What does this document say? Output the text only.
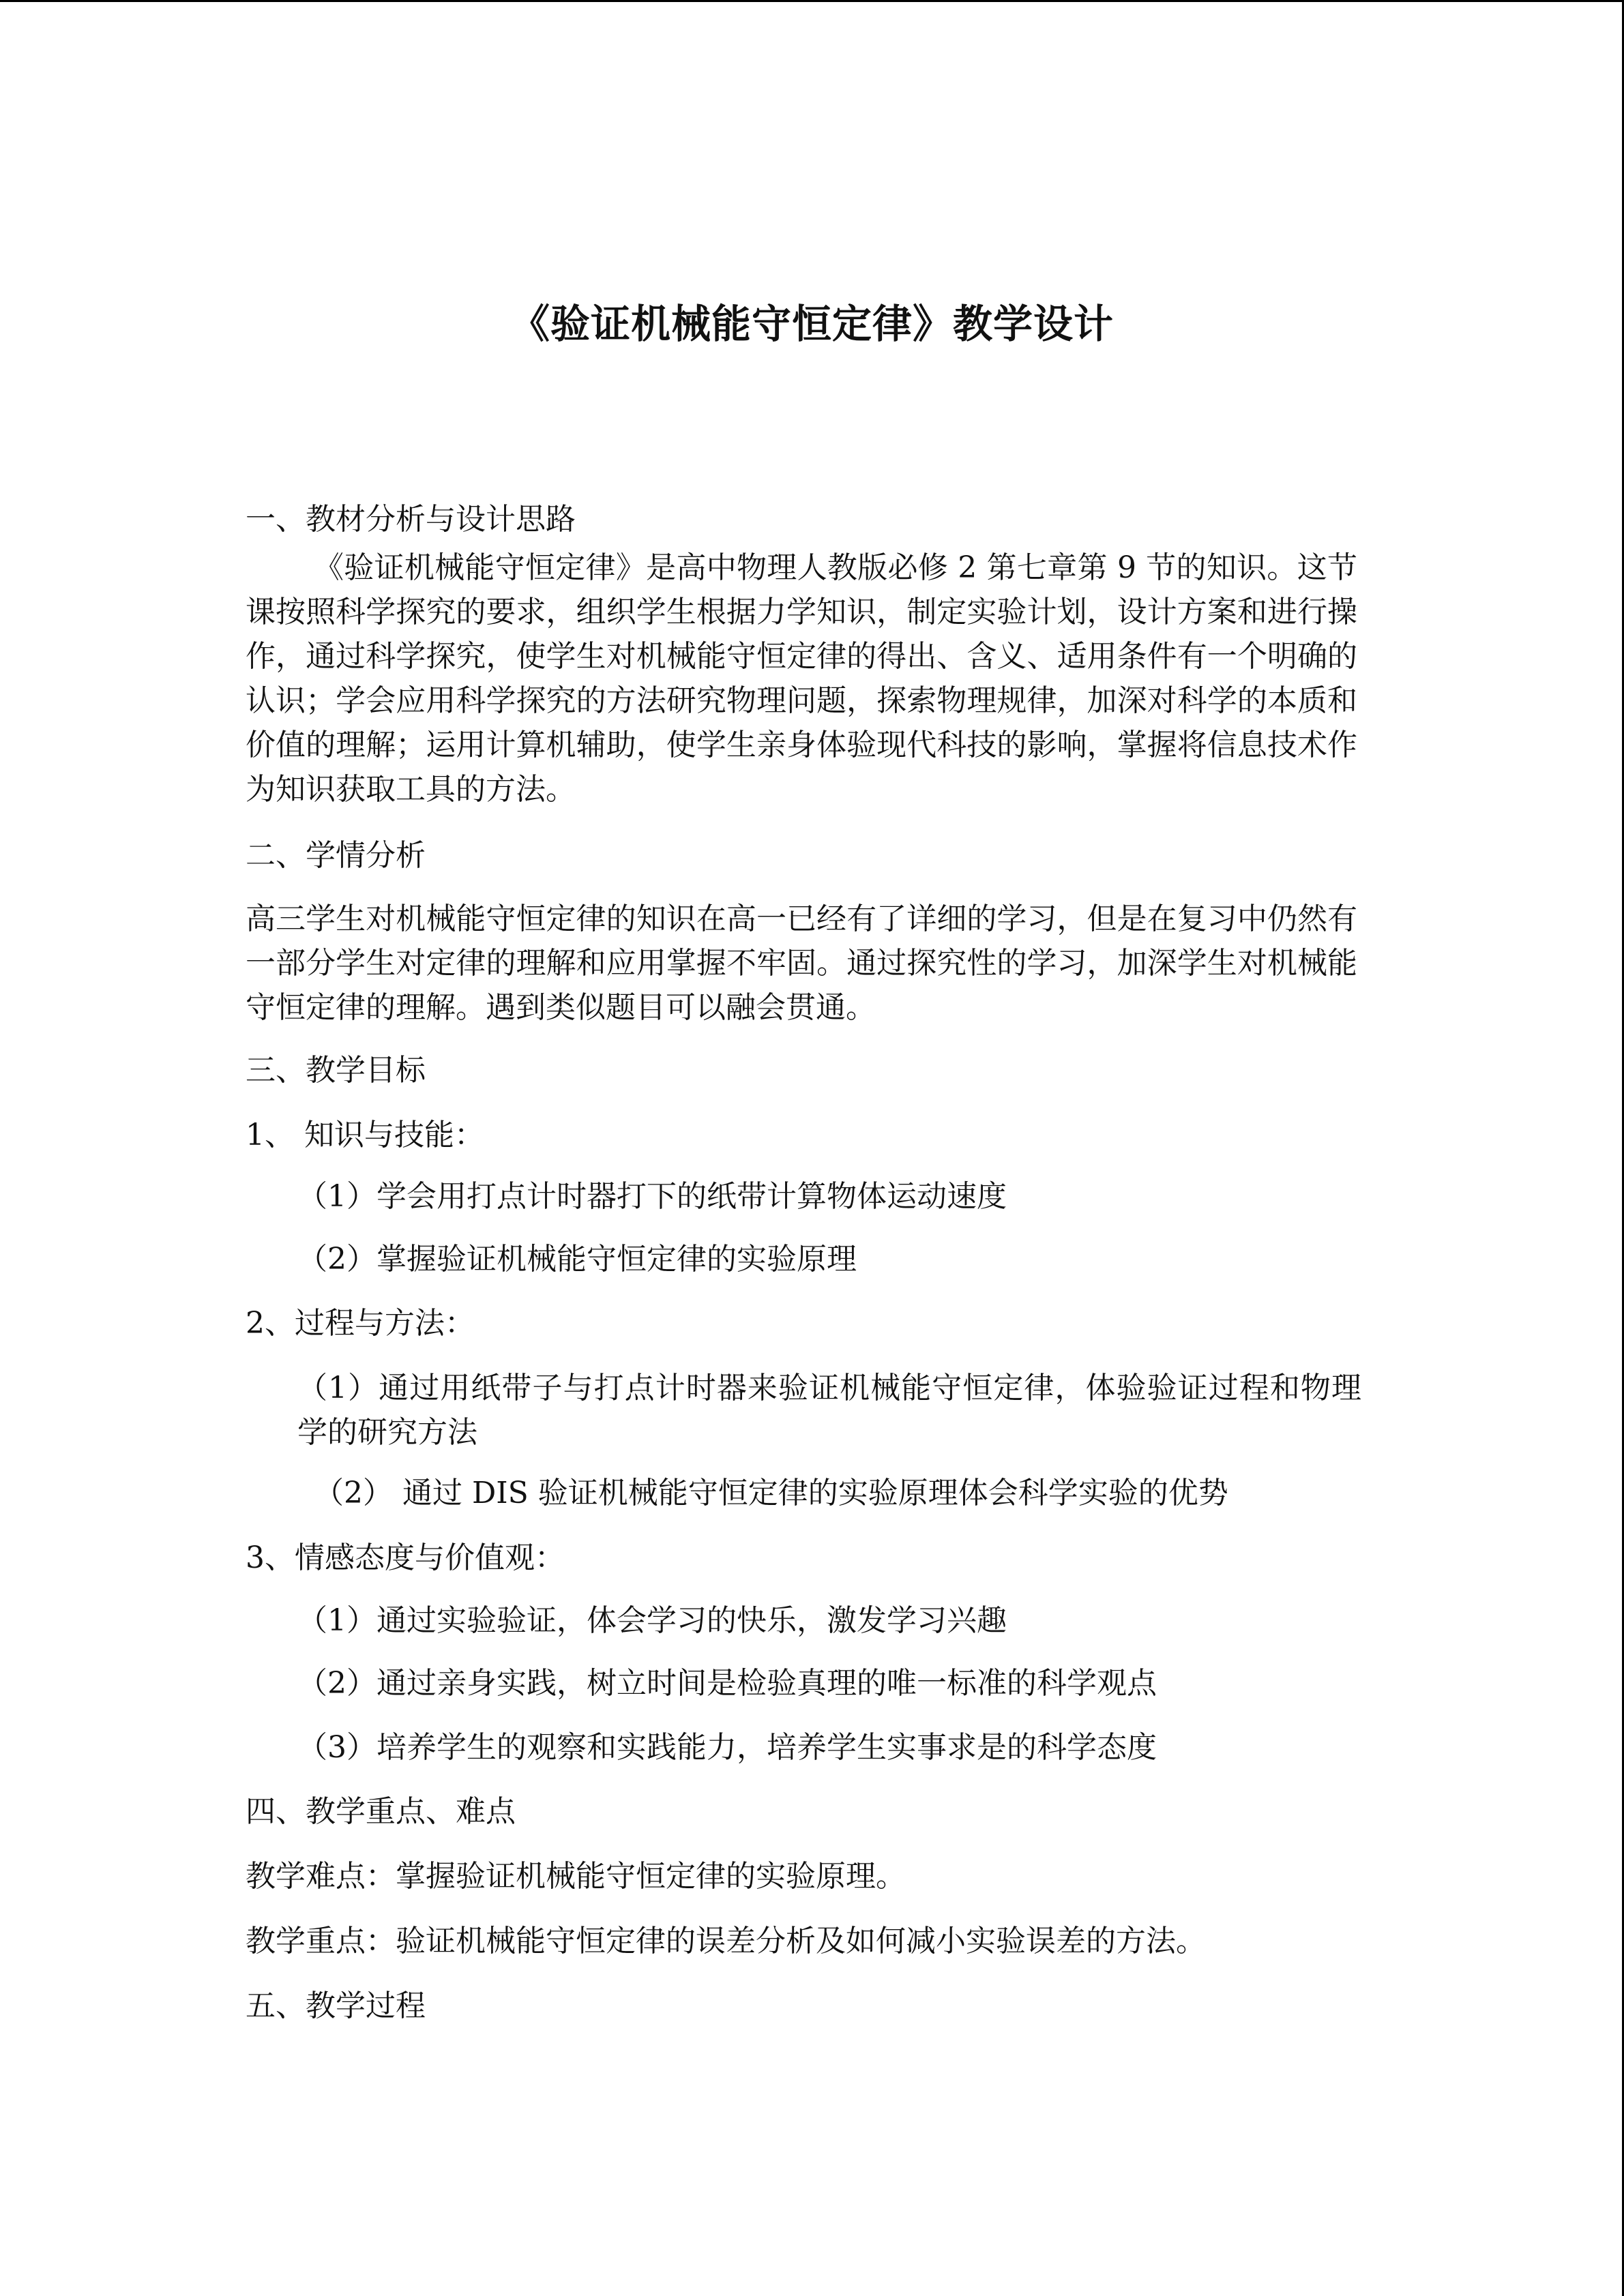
《验证机械能守恒定律》教学设计
一、教材分析与设计思路
《验证机械能守恒定律》是高中物理人教版必修 2 第七章第 9 节的知识。这节课按照科学探究的要求，组织学生根据力学知识，制定实验计划，设计方案和进行操作，通过科学探究，使学生对机械能守恒定律的得出、含义、适用条件有一个明确的认识；学会应用科学探究的方法研究物理问题，探索物理规律，加深对科学的本质和价值的理解；运用计算机辅助，使学生亲身体验现代科技的影响，掌握将信息技术作为知识获取工具的方法。
二、学情分析
高三学生对机械能守恒定律的知识在高一已经有了详细的学习，但是在复习中仍然有一部分学生对定律的理解和应用掌握不牢固。通过探究性的学习，加深学生对机械能守恒定律的理解。遇到类似题目可以融会贯通。
三、教学目标
1、 知识与技能：
（1）学会用打点计时器打下的纸带计算物体运动速度
（2）掌握验证机械能守恒定律的实验原理
2、过程与方法：
（1）通过用纸带子与打点计时器来验证机械能守恒定律，体验验证过程和物理学的研究方法
（2） 通过 DIS 验证机械能守恒定律的实验原理体会科学实验的优势
3、情感态度与价值观：
（1）通过实验验证，体会学习的快乐，激发学习兴趣
（2）通过亲身实践，树立时间是检验真理的唯一标准的科学观点
（3）培养学生的观察和实践能力，培养学生实事求是的科学态度
四、教学重点、难点
教学难点：掌握验证机械能守恒定律的实验原理。
教学重点：验证机械能守恒定律的误差分析及如何减小实验误差的方法。
五、教学过程
